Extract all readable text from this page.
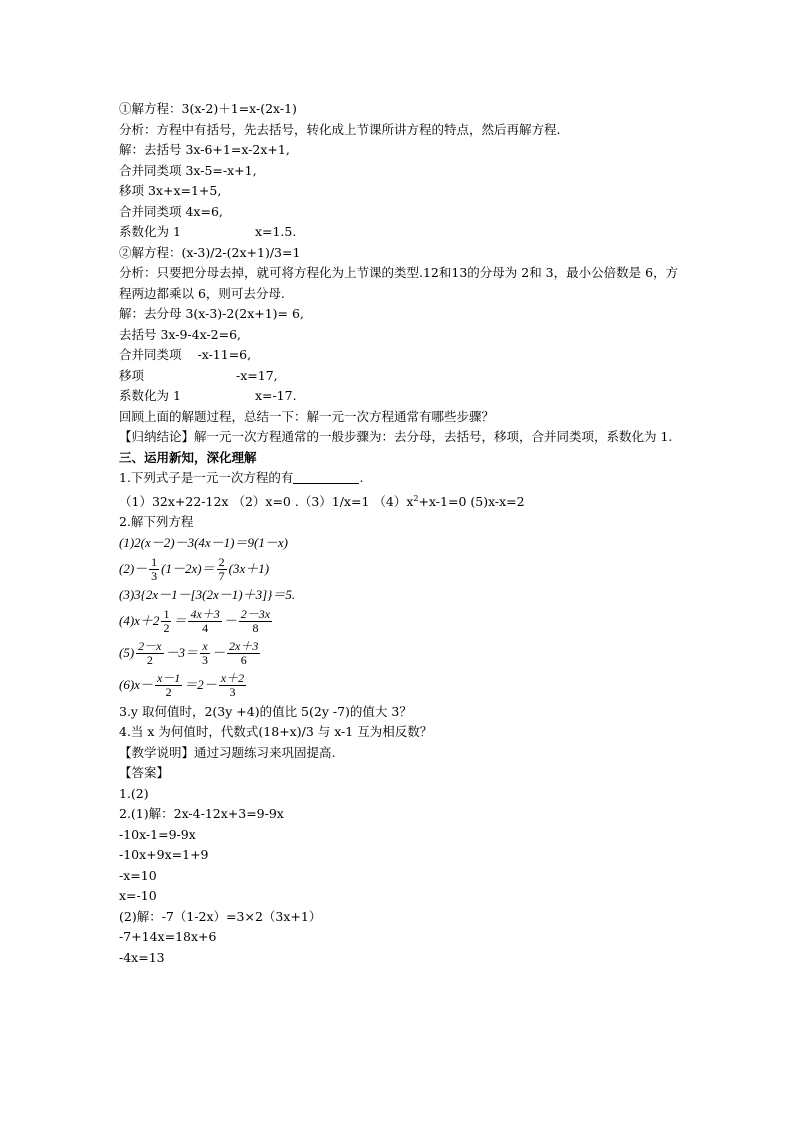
①解方程：3(x-2)＋1=x-(2x-1)
分析：方程中有括号，先去括号，转化成上节课所讲方程的特点，然后再解方程.
解：去括号 3x-6+1=x-2x+1,
合并同类项 3x-5=-x+1,
移项 3x+x=1+5,
合并同类项 4x=6,
系数化为 1	x=1.5.
②解方程：(x-3)/2-(2x+1)/3=1
分析：只要把分母去掉，就可将方程化为上节课的类型.12和13的分母为 2和 3，最小公倍数是 6，方程两边都乘以 6，则可去分母.
解：去分母 3(x-3)-2(2x+1)= 6,
去括号 3x-9-4x-2=6,
合并同类项 -x-11=6,
移项	-x=17,
系数化为 1	x=-17.
回顾上面的解题过程，总结一下：解一元一次方程通常有哪些步骤？
【归纳结论】解一元一次方程通常的一般步骤为：去分母，去括号，移项，合并同类项，系数化为 1.
三、运用新知，深化理解
1.下列式子是一元一次方程的有	.
（1）32x+22-12x （2）x=0 .（3）1/x=1 $(4)x^2+x-1=0$ (5)x-x=2
2.解下列方程
(1)2(x－2)－3(4x－1)＝9(1－x)
$(2)- \frac{1}{3} (1-2x)= \frac{2}{7} (3x+1)$
(3)3{2x－1－[3(2x－1)＋3]}＝5.
$(4)x+2 \frac{1}{2} = \frac{4x+3}{4} - \frac{2-3x}{8}$
$(5) \frac{2-x}{2} -3= \frac{x}{3} - \frac{2x+3}{6}$
$(6)x- \frac{x-1}{2} =2- \frac{x+2}{3}$
3.y 取何值时，2(3y +4)的值比 5(2y -7)的值大 3？
4.当 x 为何值时，代数式(18+x)/3 与 x-1 互为相反数？
【教学说明】通过习题练习来巩固提高.
【答案】
1.(2)
2.(1)解：2x-4-12x+3=9-9x
-10x-1=9-9x
-10x+9x=1+9
-x=10
x=-10
(2)解：-7（1-2x）=3×2（3x+1）
-7+14x=18x+6
-4x=13
